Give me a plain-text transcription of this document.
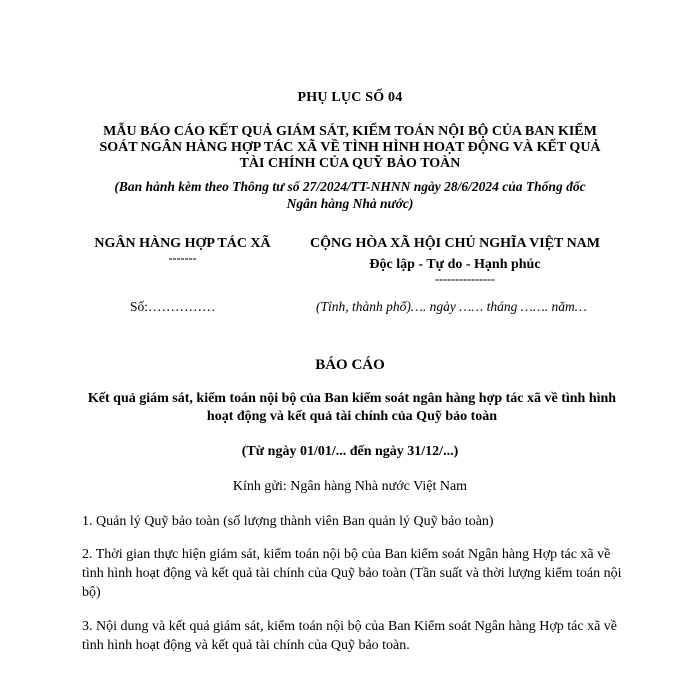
PHỤ LỤC SỐ 04
MẪU BÁO CÁO KẾT QUẢ GIÁM SÁT, KIỂM TOÁN NỘI BỘ CỦA BAN KIỂM SOÁT NGÂN HÀNG HỢP TÁC XÃ VỀ TÌNH HÌNH HOẠT ĐỘNG VÀ KẾT QUẢ TÀI CHÍNH CỦA QUỸ BẢO TOÀN
(Ban hành kèm theo Thông tư số 27/2024/TT-NHNN ngày 28/6/2024 của Thống đốc Ngân hàng Nhà nước)
NGÂN HÀNG HỢP TÁC XÃ
-------
CỘNG HÒA XÃ HỘI CHỦ NGHĨA VIỆT NAM
Độc lập - Tự do - Hạnh phúc
---------------
Số:……………	(Tỉnh, thành phố)…. ngày …… tháng ……. năm…
BÁO CÁO
Kết quả giám sát, kiểm toán nội bộ của Ban kiểm soát ngân hàng hợp tác xã về tình hình hoạt động và kết quả tài chính của Quỹ bảo toàn
(Từ ngày 01/01/... đến ngày 31/12/...)
Kính gửi: Ngân hàng Nhà nước Việt Nam
1. Quản lý Quỹ bảo toàn (số lượng thành viên Ban quản lý Quỹ bảo toàn)
2. Thời gian thực hiện giám sát, kiểm toán nội bộ của Ban kiểm soát Ngân hàng Hợp tác xã về tình hình hoạt động và kết quả tài chính của Quỹ bảo toàn (Tần suất và thời lượng kiểm toán nội bộ)
3. Nội dung và kết quả giám sát, kiểm toán nội bộ của Ban Kiểm soát Ngân hàng Hợp tác xã về tình hình hoạt động và kết quả tài chính của Quỹ bảo toàn.
